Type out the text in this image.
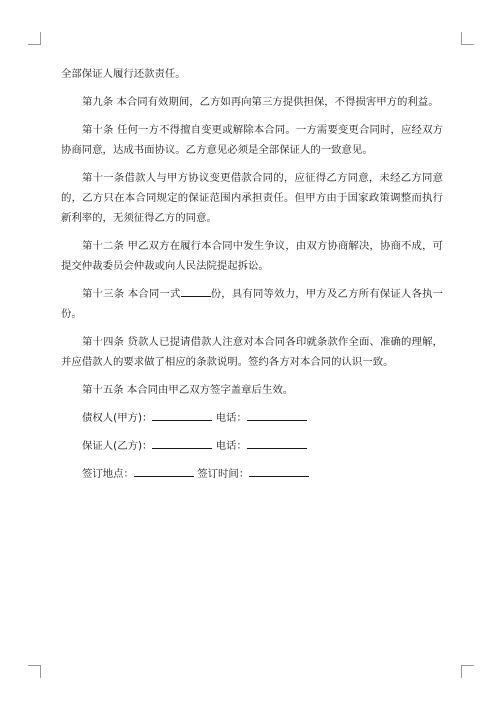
全部保证人履行还款责任。

第九条 本合同有效期间，乙方如再向第三方提供担保，不得损害甲方的利益。

第十条 任何一方不得擅自变更或解除本合同。一方需要变更合同时，应经双方协商同意，达成书面协议。乙方意见必须是全部保证人的一致意见。

第十一条借款人与甲方协议变更借款合同的，应征得乙方同意，未经乙方同意的，乙方只在本合同规定的保证范围内承担责任。但甲方由于国家政策调整而执行新利率的，无须征得乙方的同意。

第十二条 甲乙双方在履行本合同中发生争议，由双方协商解决，协商不成，可提交仲裁委员会仲裁或向人民法院提起拆讼。

第十三条 本合同一式	份，具有同等效力，甲方及乙方所有保证人各执一份。

第十四条 贷款人已提请借款人注意对本合同各印就条款作全面、准确的理解，并应借款人的要求做了相应的条款说明。签约各方对本合同的认识一致。

第十五条 本合同由甲乙双方签字盖章后生效。

债权人(甲方)：	电话：
保证人(乙方)：	电话：
签订地点：	签订时间：
